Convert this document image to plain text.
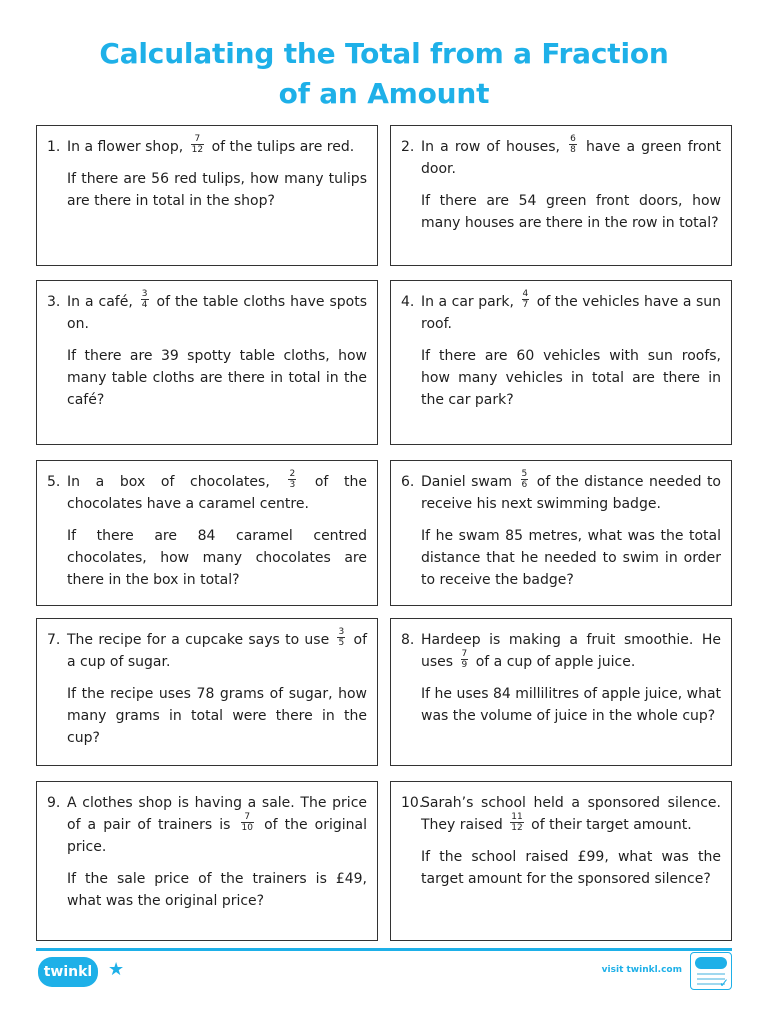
Calculating the Total from a Fraction
of an Amount

1. In a flower shop, $\frac{7}{12}$ of the tulips are red.

If there are 56 red tulips, how many tulips are there in total in the shop?

2. In a row of houses, $\frac{6}{8}$ have a green front door.

If there are 54 green front doors, how many houses are there in the row in total?

3. In a café, $\frac{3}{4}$ of the table cloths have spots on.

If there are 39 spotty table cloths, how many table cloths are there in total in the café?

4. In a car park, $\frac{4}{7}$ of the vehicles have a sun roof.

If there are 60 vehicles with sun roofs, how many vehicles in total are there in the car park?

5. In a box of chocolates, $\frac{2}{3}$ of the chocolates have a caramel centre.

If there are 84 caramel centred chocolates, how many chocolates are there in the box in total?

6. Daniel swam $\frac{5}{6}$ of the distance needed to receive his next swimming badge.

If he swam 85 metres, what was the total distance that he needed to swim in order to receive the badge?

7. The recipe for a cupcake says to use $\frac{3}{5}$ of a cup of sugar.

If the recipe uses 78 grams of sugar, how many grams in total were there in the cup?

8. Hardeep is making a fruit smoothie. He uses $\frac{7}{9}$ of a cup of apple juice.

If he uses 84 millilitres of apple juice, what was the volume of juice in the whole cup?

9. A clothes shop is having a sale. The price of a pair of trainers is $\frac{7}{10}$ of the original price.

If the sale price of the trainers is £49, what was the original price?

10.
Sarah’s school held a sponsored silence. They raised $\frac{11}{12}$ of their target amount.

If the school raised £99, what was the target amount for the sponsored silence?

twinkl ★	visit twinkl.com
✓
